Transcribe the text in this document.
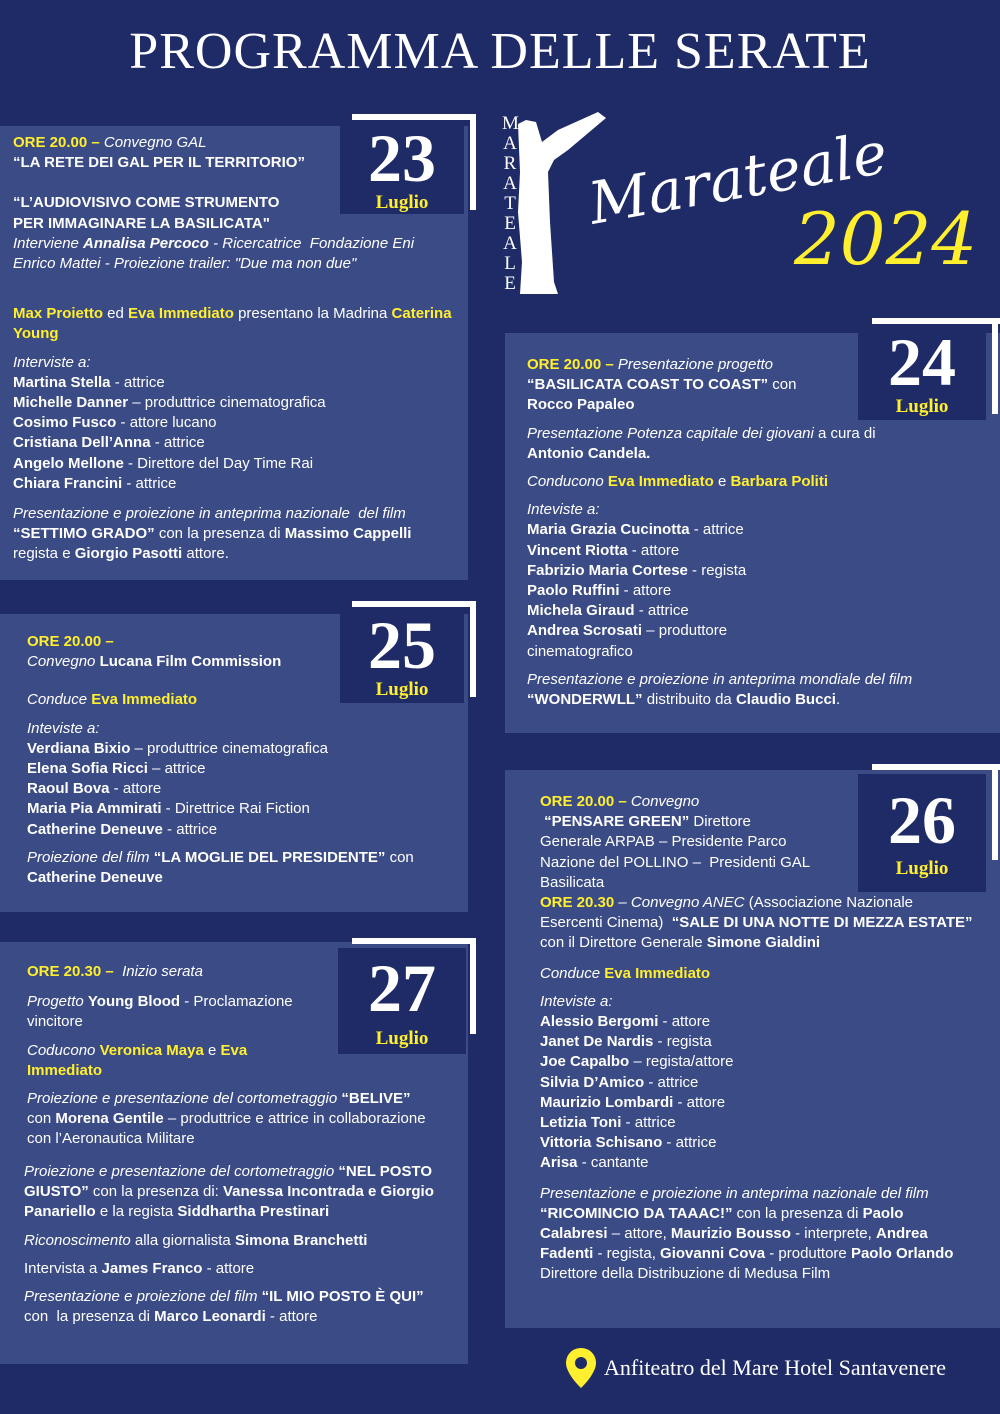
PROGRAMMA DELLE SERATE
Marateale
2024
MARATEALE

ORE 20.00 – Convegno GAL

“LA RETE DEI GAL PER IL TERRITORIO”

“L’AUDIOVISIVO COME STRUMENTO
PER IMMAGINARE LA BASILICATA"

Interviene Annalisa Percoco - Ricercatrice  Fondazione Eni Enrico Mattei - Proiezione trailer: "Due ma non due"

Max Proietto ed Eva Immediato presentano la Madrina Caterina Young

Interviste a:

Martina Stella - attrice

Michelle Danner – produttrice cinematografica

Cosimo Fusco - attore lucano

Cristiana Dell’Anna - attrice

Angelo Mellone - Direttore del Day Time Rai

Chiara Francini - attrice

Presentazione e proiezione in anteprima nazionale  del film “SETTIMO GRADO” con la presenza di Massimo Cappelli regista e Giorgio Pasotti attore.

23
Luglio

ORE 20.00 – Presentazione progetto

“BASILICATA COAST TO COAST” con

Rocco Papaleo

Presentazione Potenza capitale dei giovani a cura di

Antonio Candela.

Conducono Eva Immediato e Barbara Politi

Inteviste a:

Maria Grazia Cucinotta - attrice

Vincent Riotta - attore

Fabrizio Maria Cortese - regista

Paolo Ruffini - attore

Michela Giraud - attrice

Andrea Scrosati – produttore
cinematografico

Presentazione e proiezione in anteprima mondiale del film “WONDERWLL” distribuito da Claudio Bucci.

24
Luglio

ORE 20.00 –

Convegno Lucana Film Commission

Conduce Eva Immediato

Inteviste a:

Verdiana Bixio – produttrice cinematografica

Elena Sofia Ricci – attrice

Raoul Bova - attore

Maria Pia Ammirati - Direttrice Rai Fiction

Catherine Deneuve - attrice

Proiezione del film “LA MOGLIE DEL PRESIDENTE” con Catherine Deneuve

25
Luglio

ORE 20.00 – Convegno

“PENSARE GREEN” Direttore
Generale ARPAB – Presidente Parco
Nazione del POLLINO –  Presidenti GAL
Basilicata

ORE 20.30 – Convegno ANEC (Associazione Nazionale Esercenti Cinema)  “SALE DI UNA NOTTE DI MEZZA ESTATE” con il Direttore Generale Simone Gialdini

Conduce Eva Immediato

Inteviste a:

Alessio Bergomi - attore

Janet De Nardis - regista

Joe Capalbo – regista/attore

Silvia D’Amico - attrice

Maurizio Lombardi - attore

Letizia Toni - attrice

Vittoria Schisano - attrice

Arisa - cantante

Presentazione e proiezione in anteprima nazionale del film “RICOMINCIO DA TAAAC!” con la presenza di Paolo Calabresi – attore, Maurizio Bousso - interprete, Andrea Fadenti - regista, Giovanni Cova - produttore Paolo Orlando Direttore della Distribuzione di Medusa Film

26
Luglio

ORE 20.30 – Inizio serata

Progetto Young Blood - Proclamazione
vincitore

Coducono Veronica Maya e Eva
Immediato

Proiezione e presentazione del cortometraggio “BELIVE” con Morena Gentile – produttrice e attrice in collaborazione con l’Aeronautica Militare

Proiezione e presentazione del cortometraggio “NEL POSTO GIUSTO” con la presenza di: Vanessa Incontrada e Giorgio Panariello e la regista Siddhartha Prestinari

Riconoscimento alla giornalista Simona Branchetti

Intervista a James Franco - attore

Presentazione e proiezione del film “IL MIO POSTO È QUI” con  la presenza di Marco Leonardi - attore

27
Luglio
Anfiteatro del Mare Hotel Santavenere
